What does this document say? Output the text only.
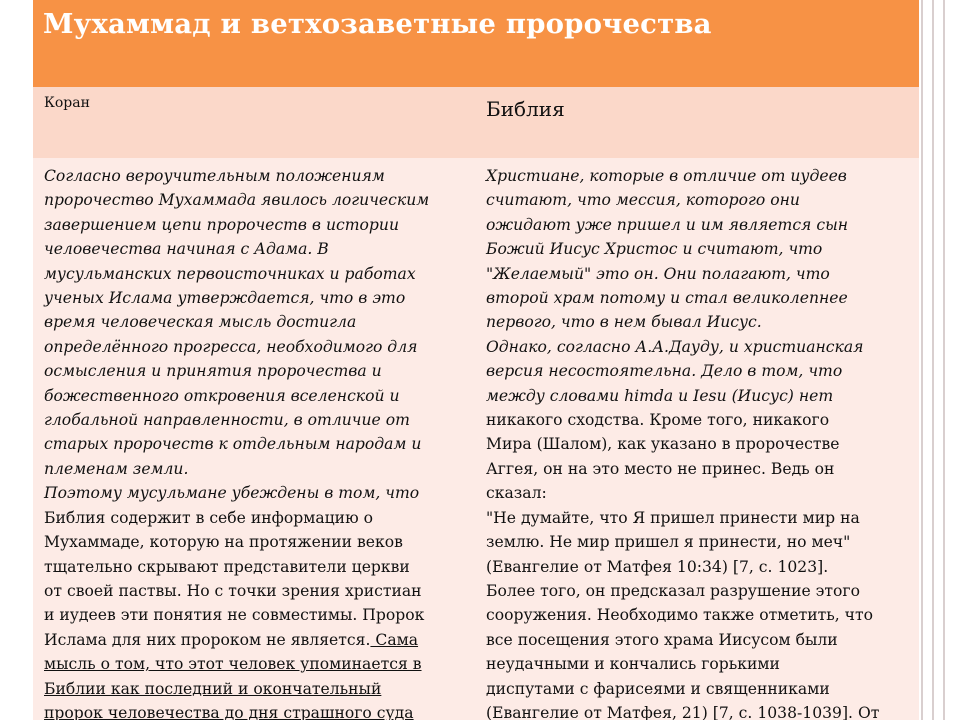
Мухаммад и ветхозаветные пророчества
Коран	Библия
Согласно вероучительным положениям
пророчество Мухаммада явилось логическим
завершением цепи пророчеств в истории
человечества начиная с Адама. В
мусульманских первоисточниках и работах
ученых Ислама утверждается, что в это
время человеческая мысль достигла
определённого прогресса, необходимого для
осмысления и принятия пророчества и
божественного откровения вселенской и
глобальной направленности, в отличие от
старых пророчеств к отдельным народам и
племенам земли.
Поэтому мусульмане убеждены в том, что
Библия содержит в себе информацию о
Мухаммаде, которую на протяжении веков
тщательно скрывают представители церкви
от своей паствы. Но с точки зрения христиан
и иудеев эти понятия не совместимы. Пророк
Ислама для них пророком не является. Сама
мысль о том, что этот человек упоминается в
Библии как последний и окончательный
пророк человечества до дня страшного суда
Христиане, которые в отличие от иудеев
считают, что мессия, которого они
ожидают уже пришел и им является сын
Божий Иисус Христос и считают, что
"Желаемый" это он. Они полагают, что
второй храм потому и стал великолепнее
первого, что в нем бывал Иисус.
Однако, согласно А.А.Дауду, и христианская
версия несостоятельна. Дело в том, что
между словами himda и Iesu (Иисус) нет
никакого сходства. Кроме того, никакого
Мира (Шалом), как указано в пророчестве
Аггея, он на это место не принес. Ведь он
сказал:
"Не думайте, что Я пришел принести мир на
землю. Не мир пришел я принести, но меч"
(Евангелие от Матфея 10:34) [7, с. 1023].
Более того, он предсказал разрушение этого
сооружения. Необходимо также отметить, что
все посещения этого храма Иисусом были
неудачными и кончались горькими
диспутами с фарисеями и священниками
(Евангелие от Матфея, 21) [7, с. 1038-1039]. От
